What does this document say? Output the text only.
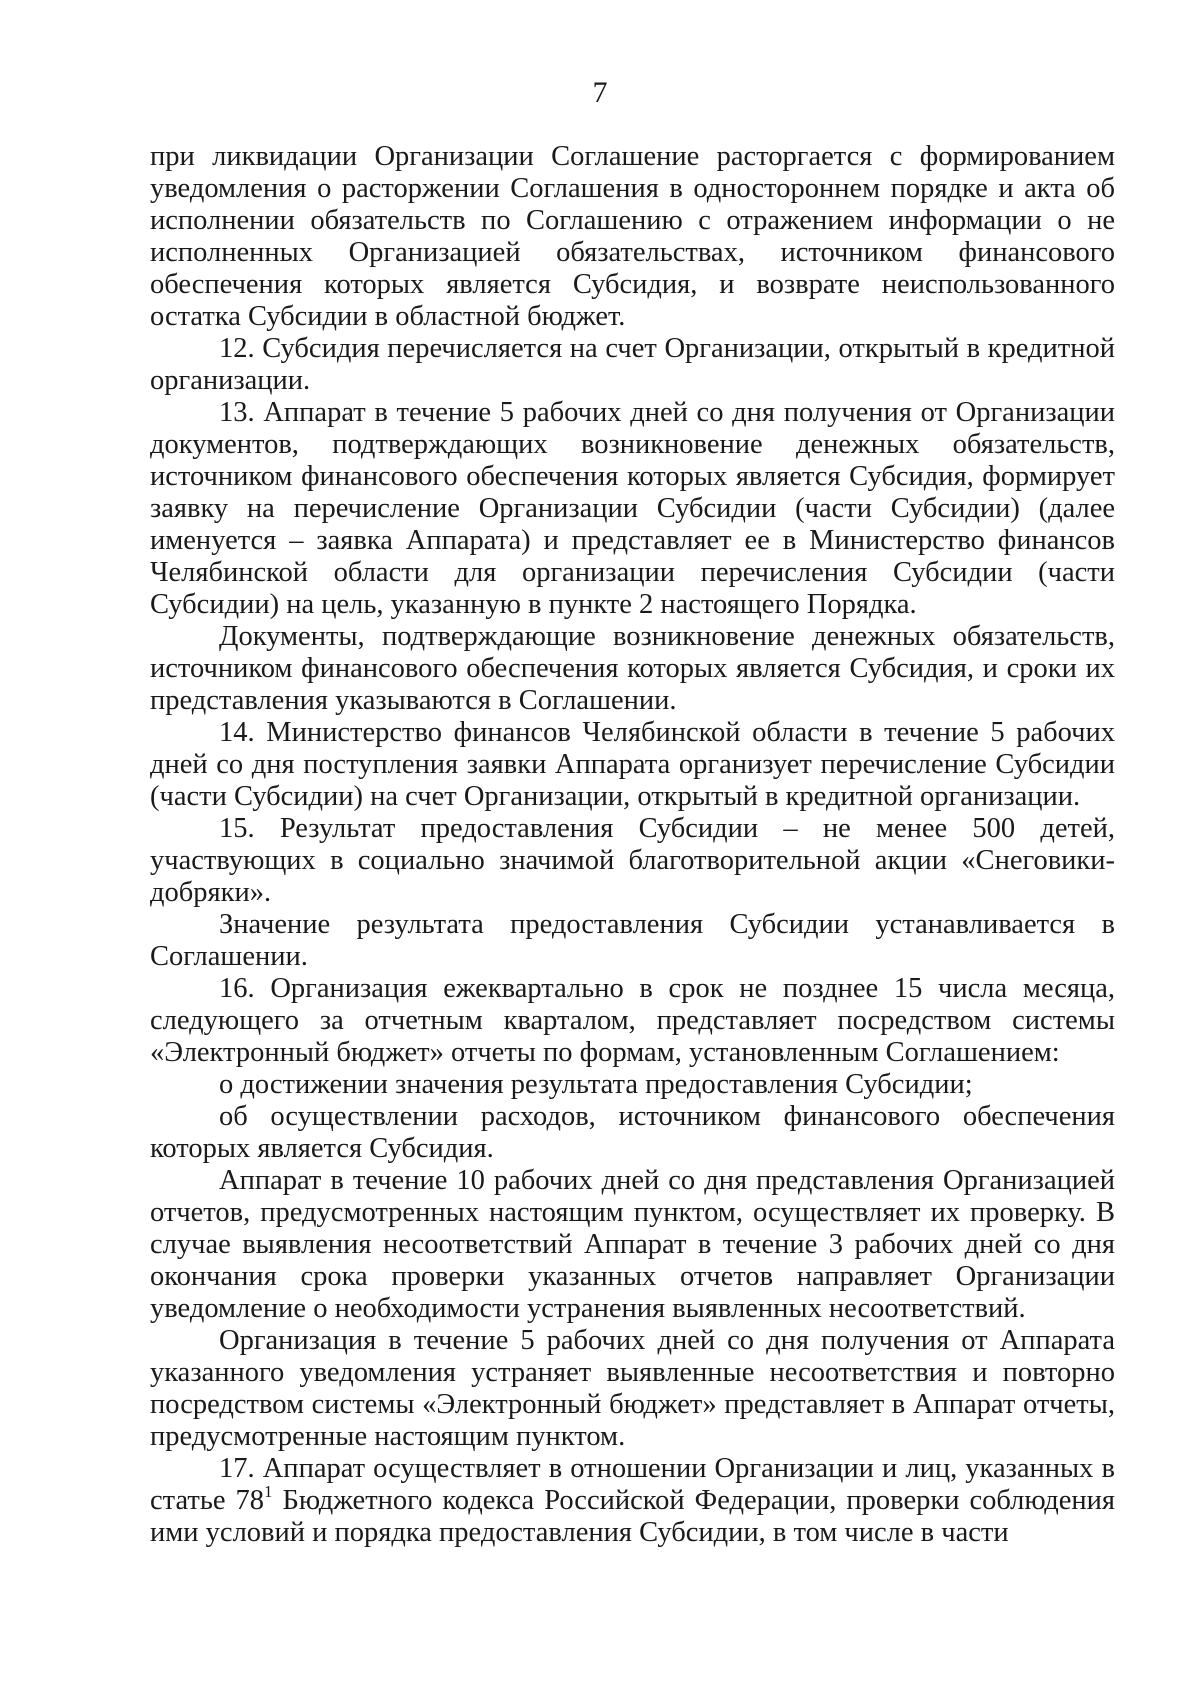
7

при ликвидации Организации Соглашение расторгается с формированием уведомления о расторжении Соглашения в одностороннем порядке и акта об исполнении обязательств по Соглашению с отражением информации о не исполненных Организацией обязательствах, источником финансового обеспечения которых является Субсидия, и возврате неиспользованного остатка Субсидии в областной бюджет.

12. Субсидия перечисляется на счет Организации, открытый в кредитной организации.

13. Аппарат в течение 5 рабочих дней со дня получения от Организации документов, подтверждающих возникновение денежных обязательств, источником финансового обеспечения которых является Субсидия, формирует заявку на перечисление Организации Субсидии (части Субсидии) (далее именуется – заявка Аппарата) и представляет ее в Министерство финансов Челябинской области для организации перечисления Субсидии (части Субсидии) на цель, указанную в пункте 2 настоящего Порядка.

Документы, подтверждающие возникновение денежных обязательств, источником финансового обеспечения которых является Субсидия, и сроки их представления указываются в Соглашении.

14. Министерство финансов Челябинской области в течение 5 рабочих дней со дня поступления заявки Аппарата организует перечисление Субсидии (части Субсидии) на счет Организации, открытый в кредитной организации.

15. Результат предоставления Субсидии – не менее 500 детей, участвующих в социально значимой благотворительной акции «Снеговики-добряки».

Значение результата предоставления Субсидии устанавливается в Соглашении.

16. Организация ежеквартально в срок не позднее 15 числа месяца, следующего за отчетным кварталом, представляет посредством системы «Электронный бюджет» отчеты по формам, установленным Соглашением:

о достижении значения результата предоставления Субсидии;

об осуществлении расходов, источником финансового обеспечения которых является Субсидия.

Аппарат в течение 10 рабочих дней со дня представления Организацией отчетов, предусмотренных настоящим пунктом, осуществляет их проверку. В случае выявления несоответствий Аппарат в течение 3 рабочих дней со дня окончания срока проверки указанных отчетов направляет Организации уведомление о необходимости устранения выявленных несоответствий.

Организация в течение 5 рабочих дней со дня получения от Аппарата указанного уведомления устраняет выявленные несоответствия и повторно посредством системы «Электронный бюджет» представляет в Аппарат отчеты, предусмотренные настоящим пунктом.

17. Аппарат осуществляет в отношении Организации и лиц, указанных в статье $78^1$ Бюджетного кодекса Российской Федерации, проверки соблюдения ими условий и порядка предоставления Субсидии, в том числе в части
